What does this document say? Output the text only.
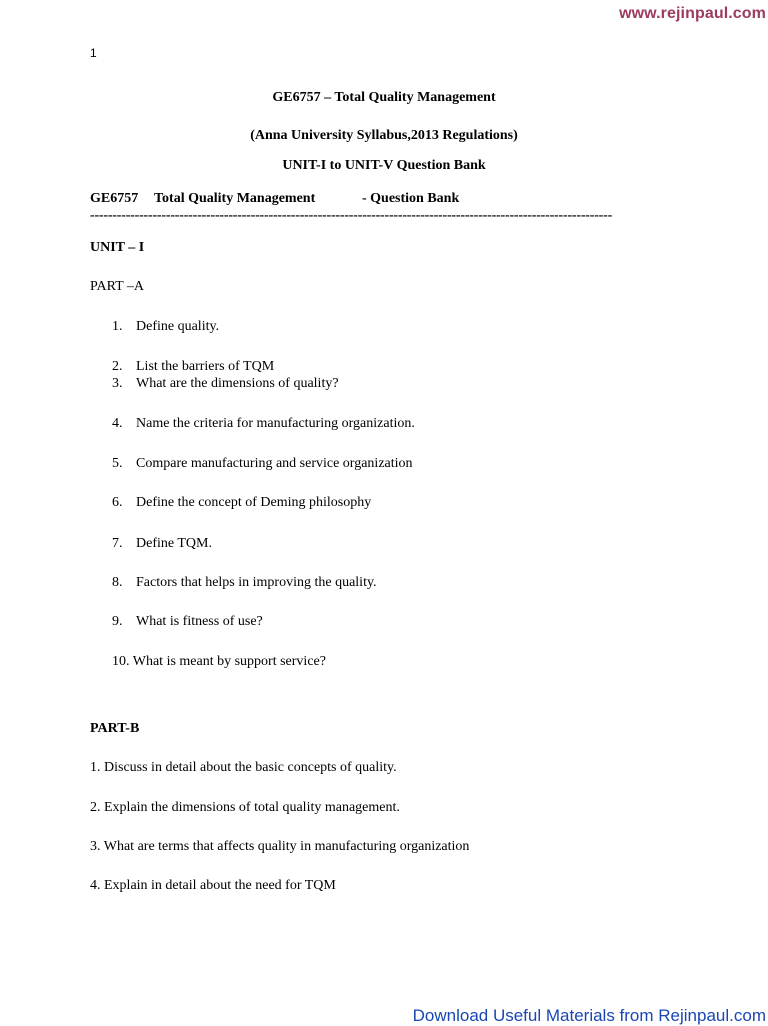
www.rejinpaul.com
1
GE6757 – Total Quality Management
(Anna University Syllabus,2013 Regulations)
UNIT-I to UNIT-V Question Bank
GE6757 Total Quality Management	- Question Bank
---------------------------------------------------------------------------------------------------------------------
UNIT – I
PART –A
1. Define quality.
2. List the barriers of TQM
3. What are the dimensions of quality?
4. Name the criteria for manufacturing organization.
5. Compare manufacturing and service organization
6. Define the concept of Deming philosophy
7. Define TQM.
8. Factors that helps in improving the quality.
9. What is fitness of use?
10. What is meant by support service?
PART-B
1. Discuss in detail about the basic concepts of quality.
2. Explain the dimensions of total quality management.
3. What are terms that affects quality in manufacturing organization
4. Explain in detail about the need for TQM
Download Useful Materials from Rejinpaul.com
